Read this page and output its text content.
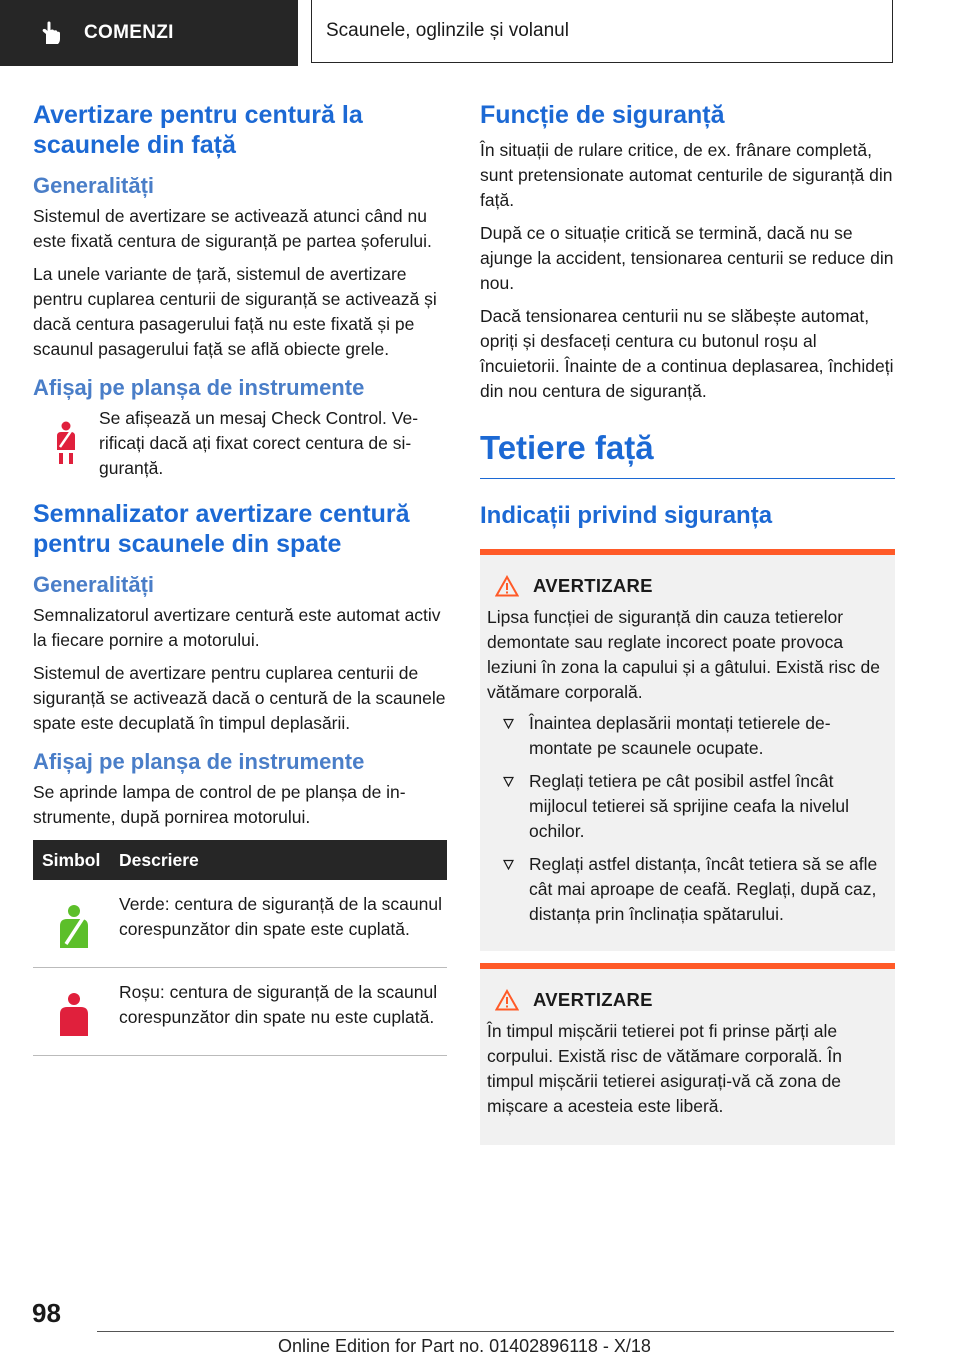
COMENZI	Scaunele, oglinzile și volanul
Avertizare pentru centură la scaunele din față
Generalități

Sistemul de avertizare se activează atunci când nu este fixată centura de siguranță pe partea șoferului.

La unele variante de țară, sistemul de avertizare pentru cuplarea centurii de siguranță se activează și dacă centura pasagerului față nu este fixată și pe scaunul pasagerului față se află obiecte grele.

Afișaj pe planșa de instrumente

Se afișează un mesaj Check Control. Verificați dacă ați fixat corect centura de siguranță.

Semnalizator avertizare centură pentru scaunele din spate
Generalități

Semnalizatorul avertizare centură este automat activ la fiecare pornire a motorului.

Sistemul de avertizare pentru cuplarea centurii de siguranță se activează dacă o centură de la scaunele spate este decuplată în timpul deplasării.

Afișaj pe planșa de instrumente

Se aprinde lampa de control de pe planșa de instrumente, după pornirea motorului.

Simbol	Descriere
	Verde: centura de siguranță de la scaunul corespunzător din spate este cuplată.
	Roșu: centura de siguranță de la scaunul corespunzător din spate nu este cuplată.
Funcție de siguranță

În situații de rulare critice, de ex. frânare completă, sunt pretensionate automat centurile de siguranță din față.

După ce o situație critică se termină, dacă nu se ajunge la accident, tensionarea centurii se reduce din nou.

Dacă tensionarea centurii nu se slăbește automat, opriți și desfaceți centura cu butonul roșu al încuietorii. Înainte de a continua deplasarea, închideți din nou centura de siguranță.

Tetiere față
Indicații privind siguranța
AVERTIZARE

Lipsa funcției de siguranță din cauza tetierelor demontate sau reglate incorect poate provoca leziuni în zona la capului și a gâtului. Există risc de vătămare corporală.

Înaintea deplasării montați tetierele demontate pe scaunele ocupate.
Reglați tetiera pe cât posibil astfel încât mijlocul tetierei să sprijine ceafa la nivelul ochilor.
Reglați astfel distanța, încât tetiera să se afle cât mai aproape de ceafă. Reglați, după caz, distanța prin înclinația spătarului.
AVERTIZARE

În timpul mișcării tetierei pot fi prinse părți ale corpului. Există risc de vătămare corporală. În timpul mișcării tetierei asigurați-vă că zona de mișcare a acesteia este liberă.

98
Online Edition for Part no. 01402896118 - X/18
